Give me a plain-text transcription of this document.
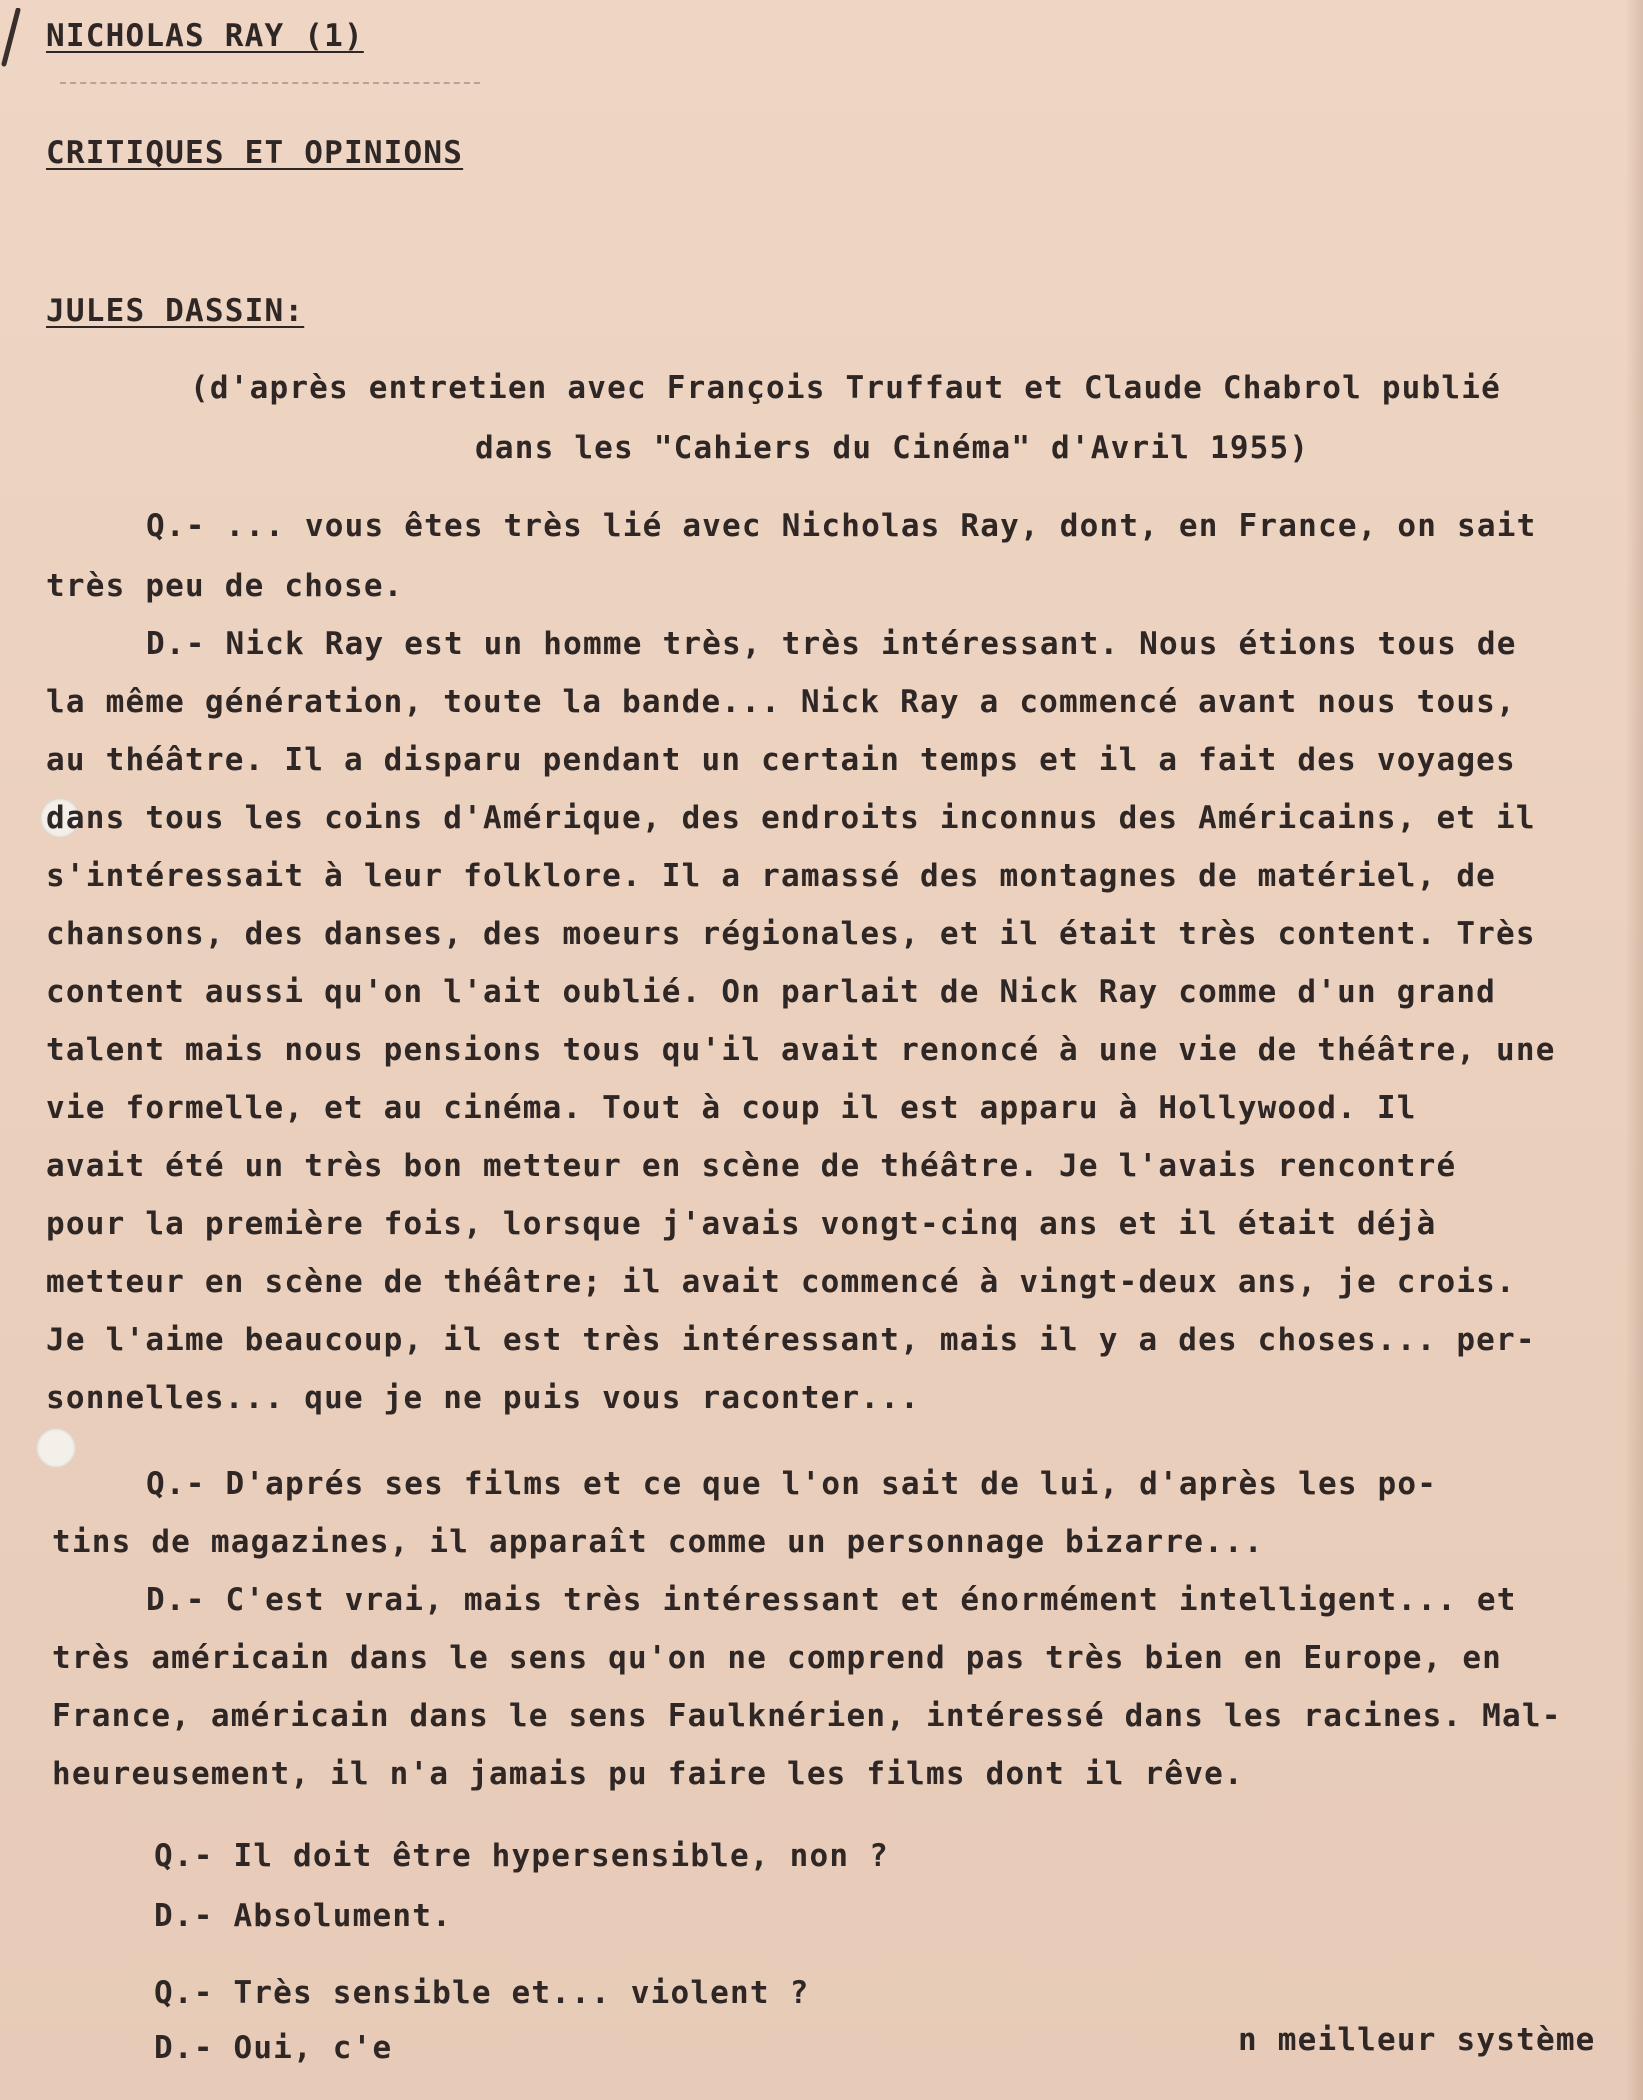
NICHOLAS RAY (1)
CRITIQUES ET OPINIONS
JULES DASSIN:
(d'après entretien avec François Truffaut et Claude Chabrol publié
dans les "Cahiers du Cinéma" d'Avril 1955)
Q.- ... vous êtes très lié avec Nicholas Ray, dont, en France, on sait
très peu de chose.
D.- Nick Ray est un homme très, très intéressant. Nous étions tous de
la même génération, toute la bande... Nick Ray a commencé avant nous tous,
au théâtre. Il a disparu pendant un certain temps et il a fait des voyages
dans tous les coins d'Amérique, des endroits inconnus des Américains, et il
s'intéressait à leur folklore. Il a ramassé des montagnes de matériel, de
chansons, des danses, des moeurs régionales, et il était très content. Très
content aussi qu'on l'ait oublié. On parlait de Nick Ray comme d'un grand
talent mais nous pensions tous qu'il avait renoncé à une vie de théâtre, une
vie formelle, et au cinéma. Tout à coup il est apparu à Hollywood. Il
avait été un très bon metteur en scène de théâtre. Je l'avais rencontré
pour la première fois, lorsque j'avais vongt-cinq ans et il était déjà
metteur en scène de théâtre; il avait commencé à vingt-deux ans, je crois.
Je l'aime beaucoup, il est très intéressant, mais il y a des choses... per-
sonnelles... que je ne puis vous raconter...
Q.- D'aprés ses films et ce que l'on sait de lui, d'après les po-
tins de magazines, il apparaît comme un personnage bizarre...
D.- C'est vrai, mais très intéressant et énormément intelligent... et
très américain dans le sens qu'on ne comprend pas très bien en Europe, en
France, américain dans le sens Faulknérien, intéressé dans les racines. Mal-
heureusement, il n'a jamais pu faire les films dont il rêve.
Q.- Il doit être hypersensible, non ?
D.- Absolument.
Q.- Très sensible et... violent ?
D.- Oui, c'e	n meilleur système
